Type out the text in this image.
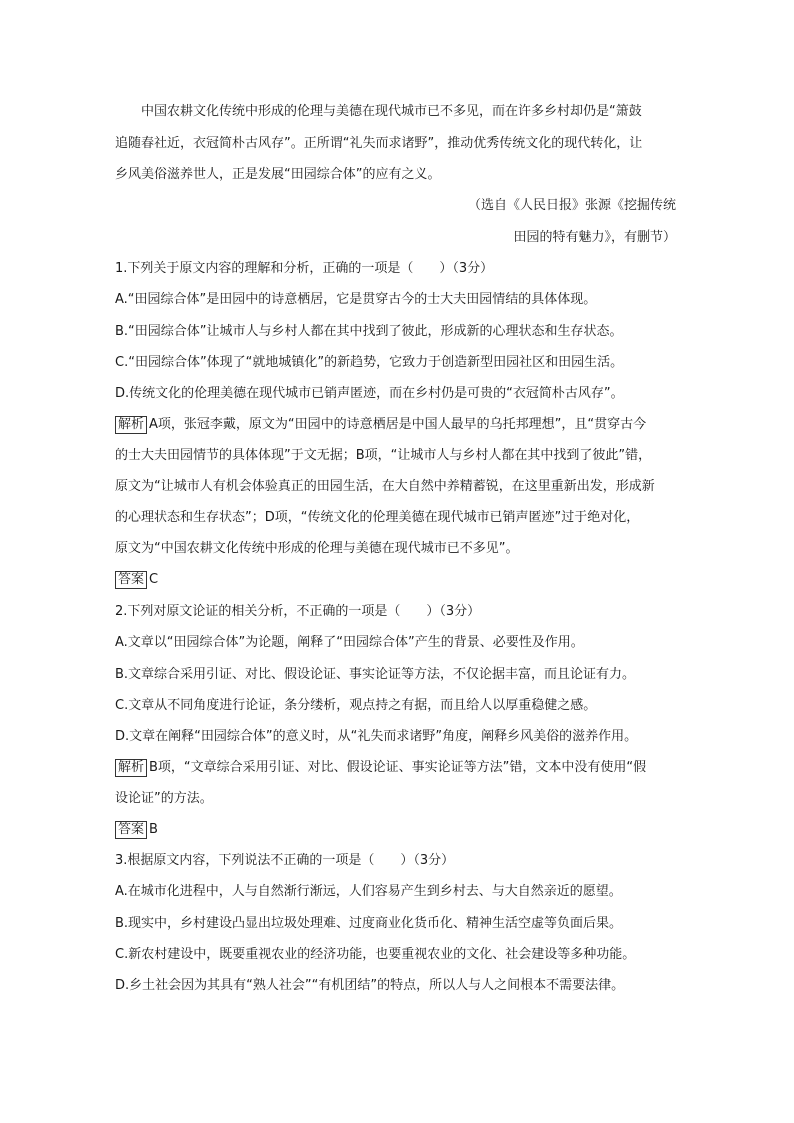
中国农耕文化传统中形成的伦理与美德在现代城市已不多见，而在许多乡村却仍是“箫鼓
追随春社近，衣冠简朴古风存”。正所谓“礼失而求诸野”，推动优秀传统文化的现代转化，让
乡风美俗滋养世人，正是发展“田园综合体”的应有之义。
（选自《人民日报》张源《挖掘传统
田园的特有魅力》，有删节）
1.下列关于原文内容的理解和分析，正确的一项是（　　）（3分）
A.“田园综合体”是田园中的诗意栖居，它是贯穿古今的士大夫田园情结的具体体现。
B.“田园综合体”让城市人与乡村人都在其中找到了彼此，形成新的心理状态和生存状态。
C.“田园综合体”体现了“就地城镇化”的新趋势，它致力于创造新型田园社区和田园生活。
D.传统文化的伦理美德在现代城市已销声匿迹，而在乡村仍是可贵的“衣冠简朴古风存”。
解析 A项，张冠李戴，原文为“田园中的诗意栖居是中国人最早的乌托邦理想”，且“贯穿古今
的士大夫田园情节的具体体现”于文无据；B项，“让城市人与乡村人都在其中找到了彼此”错，
原文为“让城市人有机会体验真正的田园生活，在大自然中养精蓄锐，在这里重新出发，形成新
的心理状态和生存状态”；D项，“传统文化的伦理美德在现代城市已销声匿迹”过于绝对化，
原文为“中国农耕文化传统中形成的伦理与美德在现代城市已不多见”。
答案 C
2.下列对原文论证的相关分析，不正确的一项是（　　）（3分）
A.文章以“田园综合体”为论题，阐释了“田园综合体”产生的背景、必要性及作用。
B.文章综合采用引证、对比、假设论证、事实论证等方法，不仅论据丰富，而且论证有力。
C.文章从不同角度进行论证，条分缕析，观点持之有据，而且给人以厚重稳健之感。
D.文章在阐释“田园综合体”的意义时，从“礼失而求诸野”角度，阐释乡风美俗的滋养作用。
解析 B项，“文章综合采用引证、对比、假设论证、事实论证等方法”错，文本中没有使用“假
设论证”的方法。
答案 B
3.根据原文内容，下列说法不正确的一项是（　　）（3分）
A.在城市化进程中，人与自然渐行渐远，人们容易产生到乡村去、与大自然亲近的愿望。
B.现实中，乡村建设凸显出垃圾处理难、过度商业化货币化、精神生活空虚等负面后果。
C.新农村建设中，既要重视农业的经济功能，也要重视农业的文化、社会建设等多种功能。
D.乡土社会因为其具有“熟人社会”“有机团结”的特点，所以人与人之间根本不需要法律。
